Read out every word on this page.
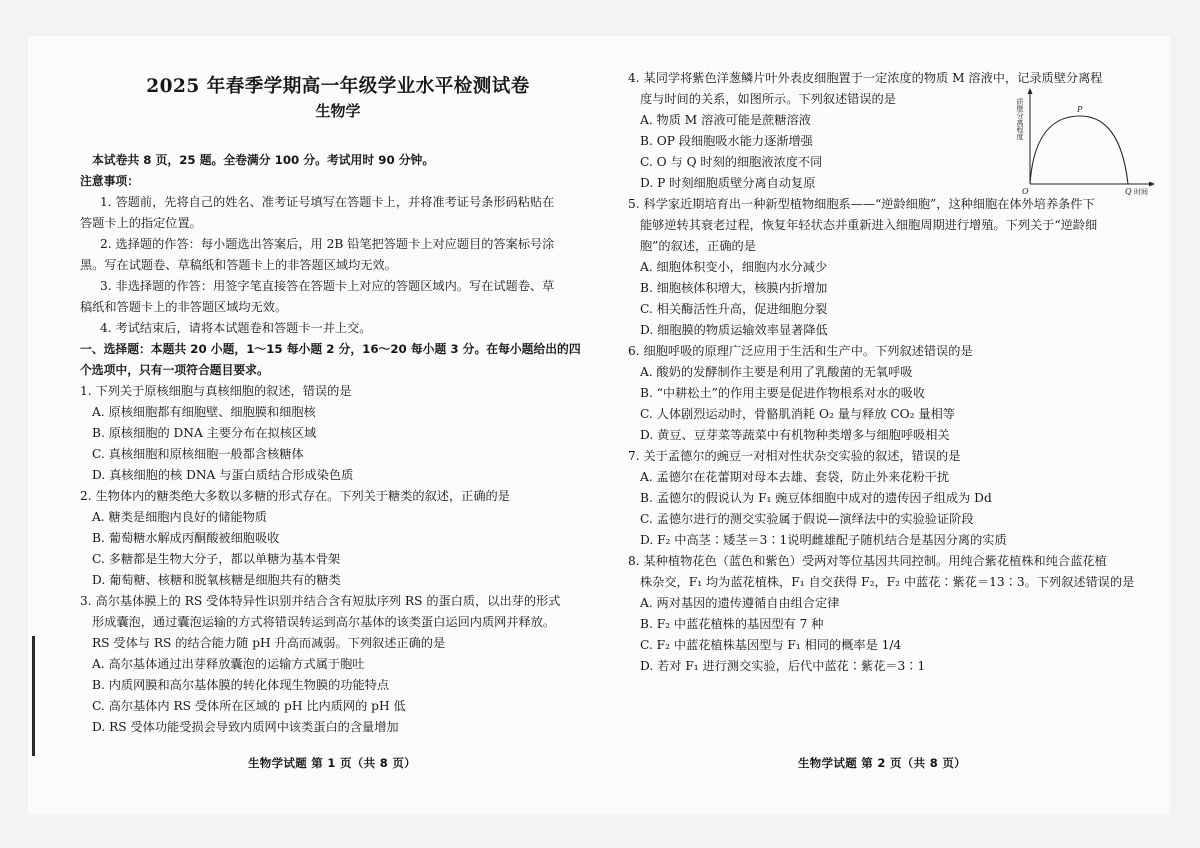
2025 年春季学期高一年级学业水平检测试卷
生物学
本试卷共 8 页，25 题。全卷满分 100 分。考试用时 90 分钟。
注意事项：
1. 答题前，先将自己的姓名、准考证号填写在答题卡上，并将准考证号条形码粘贴在
答题卡上的指定位置。
2. 选择题的作答：每小题选出答案后，用 2B 铅笔把答题卡上对应题目的答案标号涂
黑。写在试题卷、草稿纸和答题卡上的非答题区域均无效。
3. 非选择题的作答：用签字笔直接答在答题卡上对应的答题区域内。写在试题卷、草
稿纸和答题卡上的非答题区域均无效。
4. 考试结束后，请将本试题卷和答题卡一并上交。
一、选择题：本题共 20 小题，1～15 每小题 2 分，16～20 每小题 3 分。在每小题给出的四
个选项中，只有一项符合题目要求。
1. 下列关于原核细胞与真核细胞的叙述，错误的是
A. 原核细胞都有细胞壁、细胞膜和细胞核
B. 原核细胞的 DNA 主要分布在拟核区域
C. 真核细胞和原核细胞一般都含核糖体
D. 真核细胞的核 DNA 与蛋白质结合形成染色质
2. 生物体内的糖类绝大多数以多糖的形式存在。下列关于糖类的叙述，正确的是
A. 糖类是细胞内良好的储能物质
B. 葡萄糖水解成丙酮酸被细胞吸收
C. 多糖都是生物大分子，都以单糖为基本骨架
D. 葡萄糖、核糖和脱氧核糖是细胞共有的糖类
3. 高尔基体膜上的 RS 受体特异性识别并结合含有短肽序列 RS 的蛋白质，以出芽的形式
形成囊泡，通过囊泡运输的方式将错误转运到高尔基体的该类蛋白运回内质网并释放。
RS 受体与 RS 的结合能力随 pH 升高而减弱。下列叙述正确的是
A. 高尔基体通过出芽释放囊泡的运输方式属于胞吐
B. 内质网膜和高尔基体膜的转化体现生物膜的功能特点
C. 高尔基体内 RS 受体所在区域的 pH 比内质网的 pH 低
D. RS 受体功能受损会导致内质网中该类蛋白的含量增加
生物学试题 第 1 页（共 8 页）
4. 某同学将紫色洋葱鳞片叶外表皮细胞置于一定浓度的物质 M 溶液中，记录质壁分离程
度与时间的关系，如图所示。下列叙述错误的是
A. 物质 M 溶液可能是蔗糖溶液
B. OP 段细胞吸水能力逐渐增强
C. O 与 Q 时刻的细胞液浓度不同
D. P 时刻细胞质壁分离自动复原
5. 科学家近期培育出一种新型植物细胞系——“逆龄细胞”，这种细胞在体外培养条件下
能够逆转其衰老过程，恢复年轻状态并重新进入细胞周期进行增殖。下列关于“逆龄细
胞”的叙述，正确的是
A. 细胞体积变小，细胞内水分减少
B. 细胞核体积增大，核膜内折增加
C. 相关酶活性升高，促进细胞分裂
D. 细胞膜的物质运输效率显著降低
6. 细胞呼吸的原理广泛应用于生活和生产中。下列叙述错误的是
A. 酸奶的发酵制作主要是利用了乳酸菌的无氧呼吸
B. “中耕松土”的作用主要是促进作物根系对水的吸收
C. 人体剧烈运动时，骨骼肌消耗 O₂ 量与释放 CO₂ 量相等
D. 黄豆、豆芽菜等蔬菜中有机物种类增多与细胞呼吸相关
7. 关于孟德尔的豌豆一对相对性状杂交实验的叙述，错误的是
A. 孟德尔在花蕾期对母本去雄、套袋，防止外来花粉干扰
B. 孟德尔的假说认为 F₁ 豌豆体细胞中成对的遗传因子组成为 Dd
C. 孟德尔进行的测交实验属于假说—演绎法中的实验验证阶段
D. F₂ 中高茎∶矮茎＝3∶1说明雌雄配子随机结合是基因分离的实质
8. 某种植物花色（蓝色和紫色）受两对等位基因共同控制。用纯合紫花植株和纯合蓝花植
株杂交，F₁ 均为蓝花植株，F₁ 自交获得 F₂，F₂ 中蓝花∶紫花＝13∶3。下列叙述错误的是
A. 两对基因的遗传遵循自由组合定律
B. F₂ 中蓝花植株的基因型有 7 种
C. F₂ 中蓝花植株基因型与 F₁ 相同的概率是 1/4
D. 若对 F₁ 进行测交实验，后代中蓝花∶紫花＝3∶1
质壁分离程度
时间
O
P
Q
生物学试题 第 2 页（共 8 页）
